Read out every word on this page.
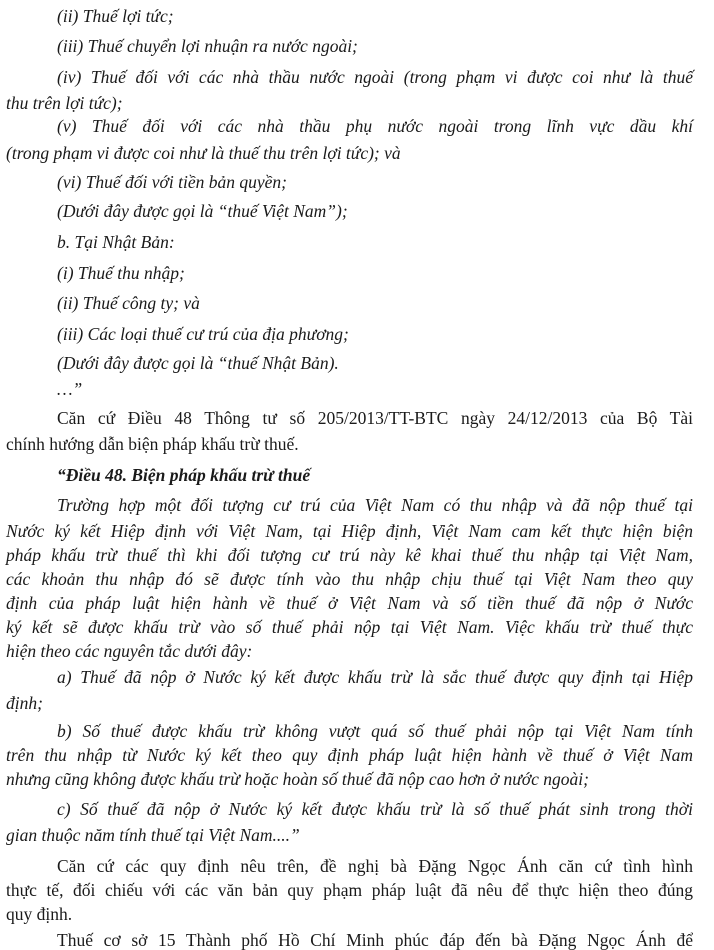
(ii) Thuế lợi tức;
(iii) Thuế chuyển lợi nhuận ra nước ngoài;
(iv) Thuế đối với các nhà thầu nước ngoài (trong phạm vi được coi như là thuế
thu trên lợi tức);
(v) Thuế đối với các nhà thầu phụ nước ngoài trong lĩnh vực dầu khí
(trong phạm vi được coi như là thuế thu trên lợi tức); và
(vi) Thuế đối với tiền bản quyền;
(Dưới đây được gọi là “thuế Việt Nam”);
b. Tại Nhật Bản:
(i) Thuế thu nhập;
(ii) Thuế công ty; và
(iii) Các loại thuế cư trú của địa phương;
(Dưới đây được gọi là “thuế Nhật Bản).
…”
Căn cứ Điều 48 Thông tư số 205/2013/TT-BTC ngày 24/12/2013 của Bộ Tài
chính hướng dẫn biện pháp khấu trừ thuế.
“Điều 48. Biện pháp khấu trừ thuế
Trường hợp một đối tượng cư trú của Việt Nam có thu nhập và đã nộp thuế tại
Nước ký kết Hiệp định với Việt Nam, tại Hiệp định, Việt Nam cam kết thực hiện biện
pháp khấu trừ thuế thì khi đối tượng cư trú này kê khai thuế thu nhập tại Việt Nam,
các khoản thu nhập đó sẽ được tính vào thu nhập chịu thuế tại Việt Nam theo quy
định của pháp luật hiện hành về thuế ở Việt Nam và số tiền thuế đã nộp ở Nước
ký kết sẽ được khấu trừ vào số thuế phải nộp tại Việt Nam. Việc khấu trừ thuế thực
hiện theo các nguyên tắc dưới đây:
a) Thuế đã nộp ở Nước ký kết được khấu trừ là sắc thuế được quy định tại Hiệp
định;
b) Số thuế được khấu trừ không vượt quá số thuế phải nộp tại Việt Nam tính
trên thu nhập từ Nước ký kết theo quy định pháp luật hiện hành về thuế ở Việt Nam
nhưng cũng không được khấu trừ hoặc hoàn số thuế đã nộp cao hơn ở nước ngoài;
c) Số thuế đã nộp ở Nước ký kết được khấu trừ là số thuế phát sinh trong thời
gian thuộc năm tính thuế tại Việt Nam....”
Căn cứ các quy định nêu trên, đề nghị bà Đặng Ngọc Ánh căn cứ tình hình
thực tế, đối chiếu với các văn bản quy phạm pháp luật đã nêu để thực hiện theo đúng
quy định.
Thuế cơ sở 15 Thành phố Hồ Chí Minh phúc đáp đến bà Đặng Ngọc Ánh để
